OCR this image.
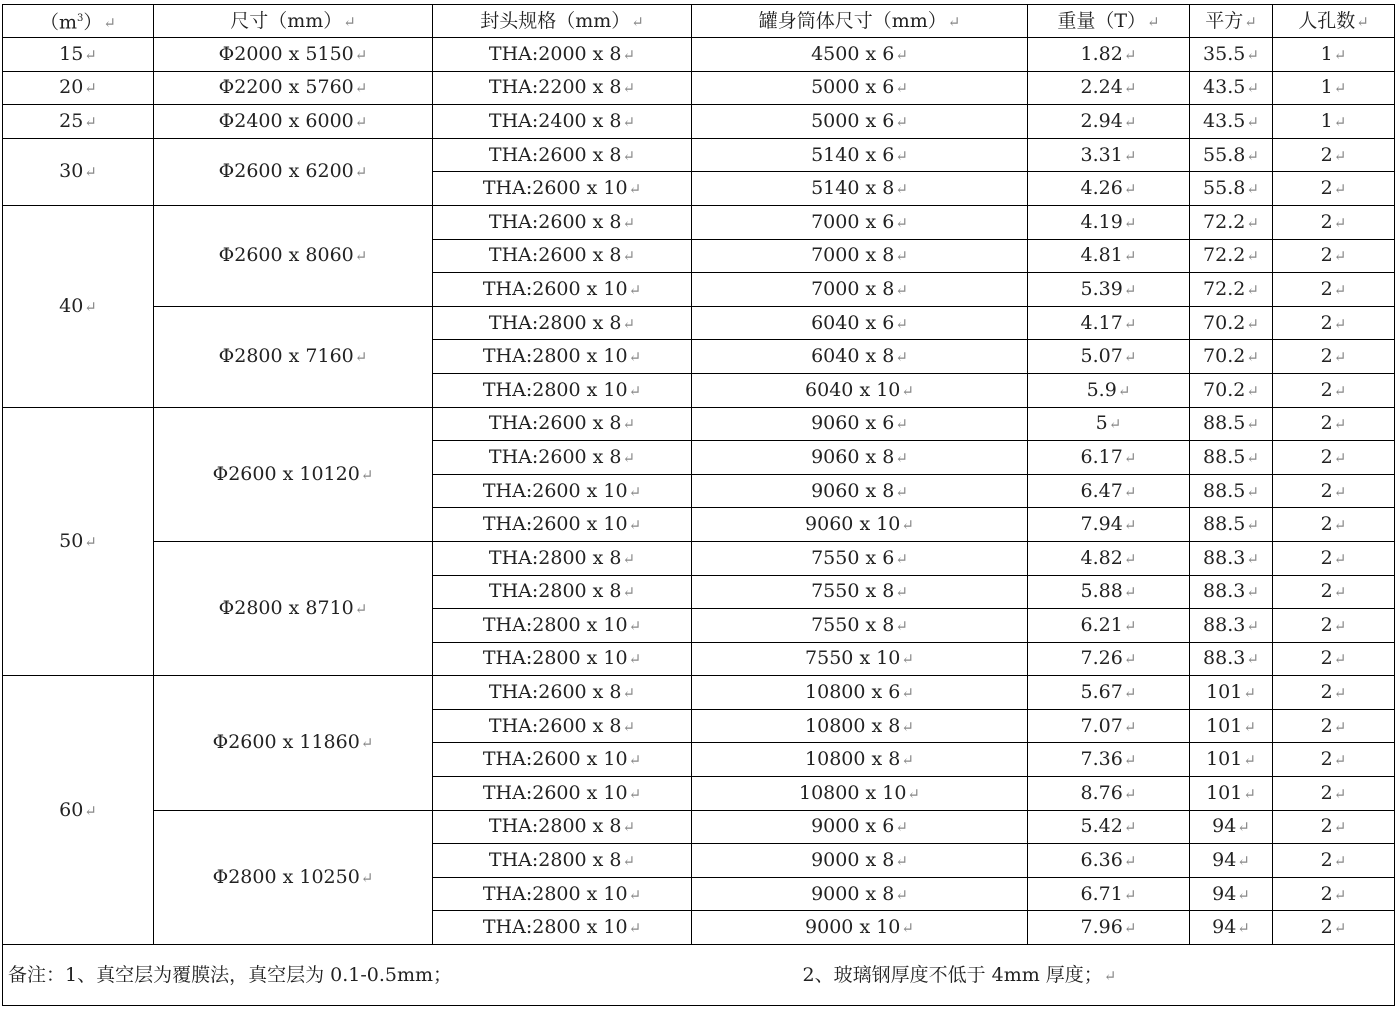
$(m^3)↵$	尺寸（mm）↵	封头规格（mm）↵	罐身筒体尺寸（mm）↵	重量（T）↵	平方↵	人孔数↵
15↵	Φ2000 x 5150↵	THA:2000 x 8↵	4500 x 6↵	1.82↵	35.5↵	1↵
20↵	Φ2200 x 5760↵	THA:2200 x 8↵	5000 x 6↵	2.24↵	43.5↵	1↵
25↵	Φ2400 x 6000↵	THA:2400 x 8↵	5000 x 6↵	2.94↵	43.5↵	1↵
30↵	Φ2600 x 6200↵	THA:2600 x 8↵	5140 x 6↵	3.31↵	55.8↵	2↵
		THA:2600 x 10↵	5140 x 8↵	4.26↵	55.8↵	2↵
40↵	Φ2600 x 8060↵	THA:2600 x 8↵	7000 x 6↵	4.19↵	72.2↵	2↵
		THA:2600 x 8↵	7000 x 8↵	4.81↵	72.2↵	2↵
		THA:2600 x 10↵	7000 x 8↵	5.39↵	72.2↵	2↵
	Φ2800 x 7160↵	THA:2800 x 8↵	6040 x 6↵	4.17↵	70.2↵	2↵
		THA:2800 x 10↵	6040 x 8↵	5.07↵	70.2↵	2↵
		THA:2800 x 10↵	6040 x 10↵	5.9↵	70.2↵	2↵
50↵	Φ2600 x 10120↵	THA:2600 x 8↵	9060 x 6↵	5↵	88.5↵	2↵
		THA:2600 x 8↵	9060 x 8↵	6.17↵	88.5↵	2↵
		THA:2600 x 10↵	9060 x 8↵	6.47↵	88.5↵	2↵
		THA:2600 x 10↵	9060 x 10↵	7.94↵	88.5↵	2↵
	Φ2800 x 8710↵	THA:2800 x 8↵	7550 x 6↵	4.82↵	88.3↵	2↵
		THA:2800 x 8↵	7550 x 8↵	5.88↵	88.3↵	2↵
		THA:2800 x 10↵	7550 x 8↵	6.21↵	88.3↵	2↵
		THA:2800 x 10↵	7550 x 10↵	7.26↵	88.3↵	2↵
60↵	Φ2600 x 11860↵	THA:2600 x 8↵	10800 x 6↵	5.67↵	101↵	2↵
		THA:2600 x 8↵	10800 x 8↵	7.07↵	101↵	2↵
		THA:2600 x 10↵	10800 x 8↵	7.36↵	101↵	2↵
		THA:2600 x 10↵	10800 x 10↵	8.76↵	101↵	2↵
	Φ2800 x 10250↵	THA:2800 x 8↵	9000 x 6↵	5.42↵	94↵	2↵
		THA:2800 x 8↵	9000 x 8↵	6.36↵	94↵	2↵
		THA:2800 x 10↵	9000 x 8↵	6.71↵	94↵	2↵
		THA:2800 x 10↵	9000 x 10↵	7.96↵	94↵	2↵
备注：1、真空层为覆膜法，真空层为 0.1-0.5mm； 2、玻璃钢厚度不低于 4mm 厚度；↵						
